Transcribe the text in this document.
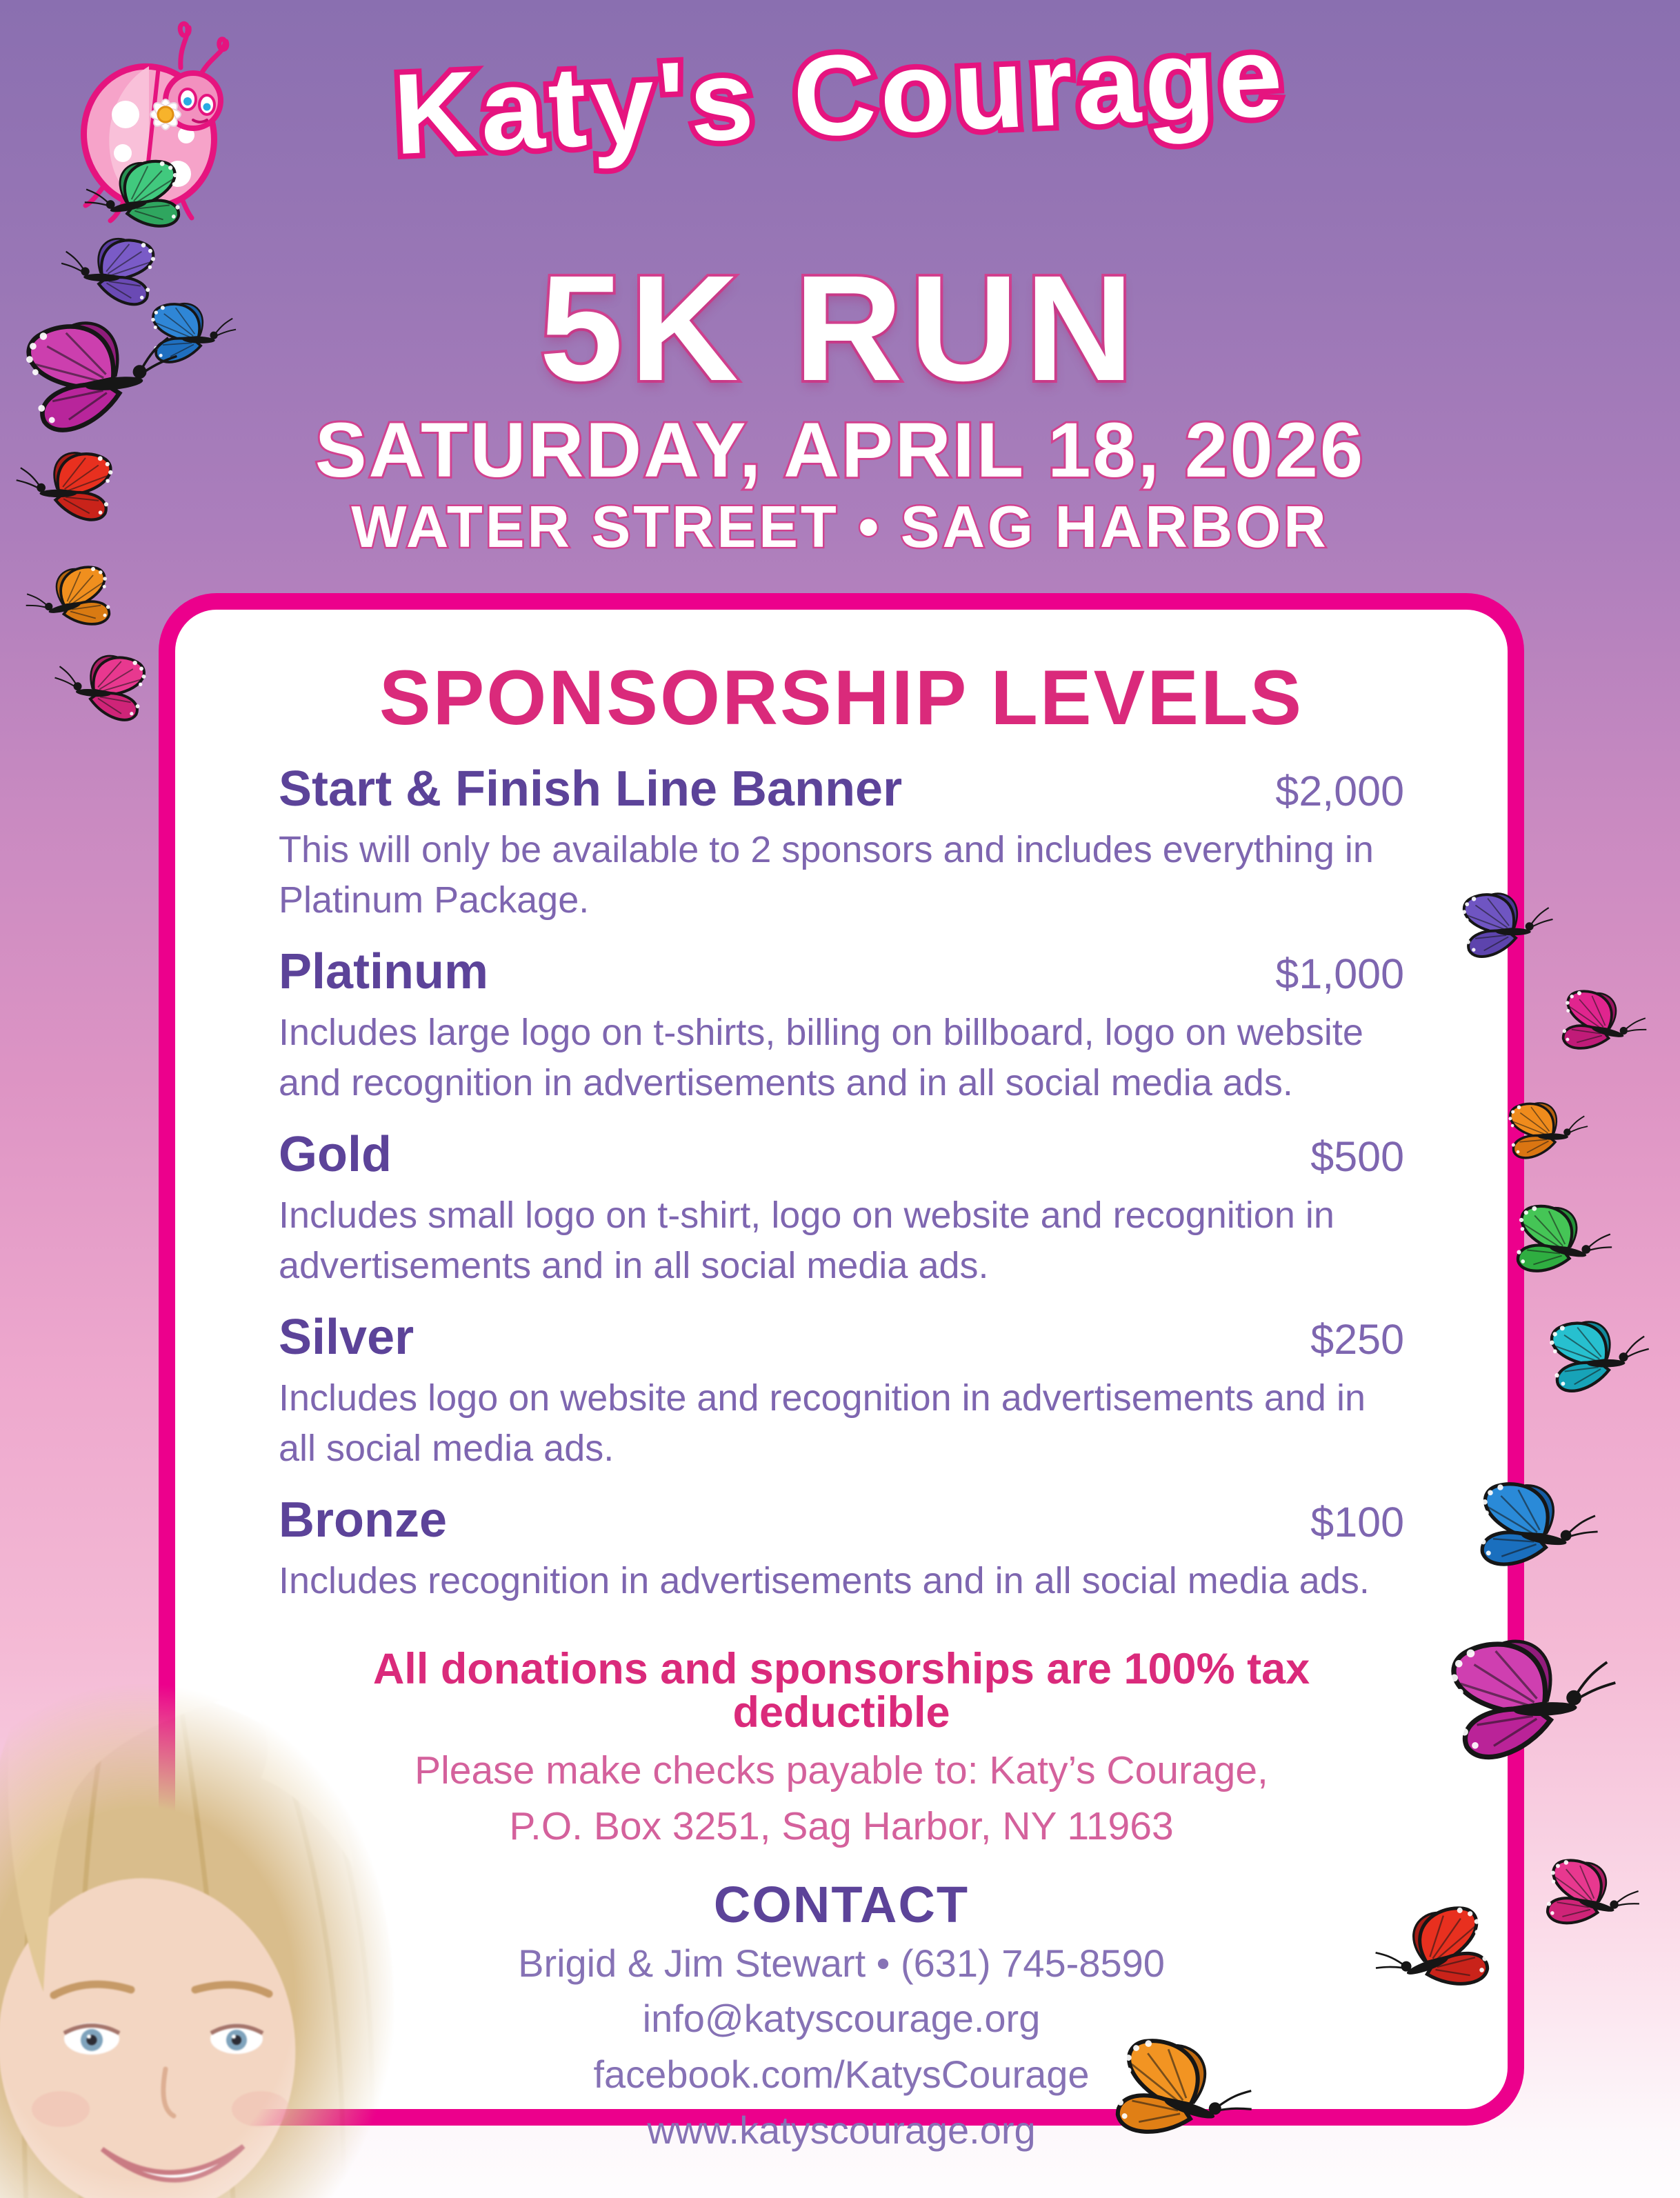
Katy's Courage
5K RUN
SATURDAY, APRIL 18, 2026
WATER STREET • SAG HARBOR
SPONSORSHIP LEVELS
Start & Finish Line Banner	$2,000
This will only be available to 2 sponsors and includes everything in Platinum Package.
Platinum	$1,000
Includes large logo on t-shirts, billing on billboard, logo on website and recognition in advertisements and in all social media ads.
Gold	$500
Includes small logo on t-shirt, logo on website and recognition in advertisements and in all social media ads.
Silver	$250
Includes logo on website and recognition in advertisements and in all social media ads.
Bronze	$100
Includes recognition in advertisements and in all social media ads.
All donations and sponsorships are 100% tax deductible
Please make checks payable to: Katy’s Courage,
P.O. Box 3251, Sag Harbor, NY 11963
CONTACT
Brigid & Jim Stewart • (631) 745-8590
info@katyscourage.org
facebook.com/KatysCourage
www.katyscourage.org
